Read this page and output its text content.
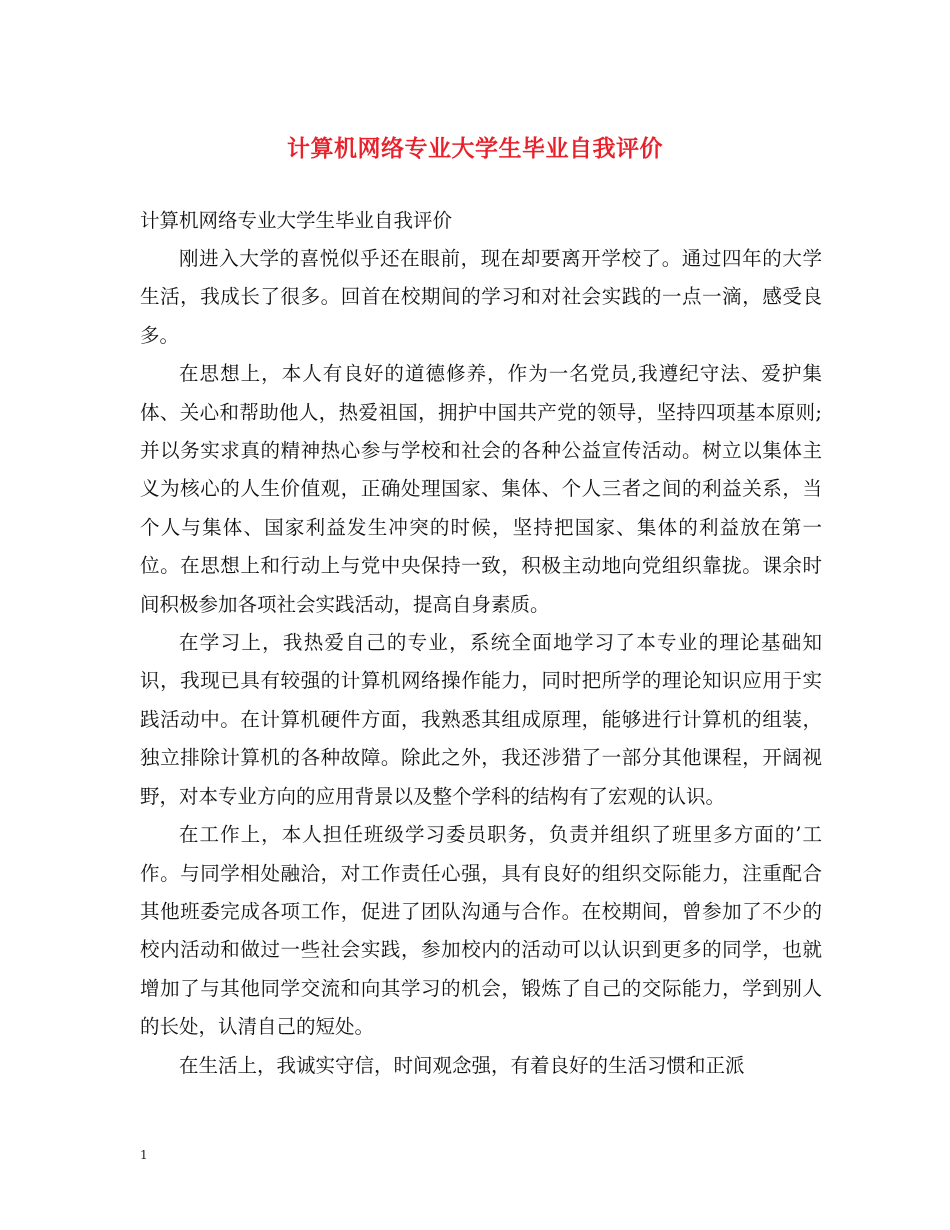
计算机网络专业大学生毕业自我评价

计算机网络专业大学生毕业自我评价

刚进入大学的喜悦似乎还在眼前，现在却要离开学校了。通过四年的大学生活，我成长了很多。回首在校期间的学习和对社会实践的一点一滴，感受良多。

在思想上，本人有良好的道德修养，作为一名党员,我遵纪守法、爱护集体、关心和帮助他人，热爱祖国，拥护中国共产党的领导，坚持四项基本原则;并以务实求真的精神热心参与学校和社会的各种公益宣传活动。树立以集体主义为核心的人生价值观，正确处理国家、集体、个人三者之间的利益关系，当个人与集体、国家利益发生冲突的时候，坚持把国家、集体的利益放在第一位。在思想上和行动上与党中央保持一致，积极主动地向党组织靠拢。课余时间积极参加各项社会实践活动，提高自身素质。

在学习上，我热爱自己的专业，系统全面地学习了本专业的理论基础知识，我现已具有较强的计算机网络操作能力，同时把所学的理论知识应用于实践活动中。在计算机硬件方面，我熟悉其组成原理，能够进行计算机的组装，独立排除计算机的各种故障。除此之外，我还涉猎了一部分其他课程，开阔视野，对本专业方向的应用背景以及整个学科的结构有了宏观的认识。

在工作上，本人担任班级学习委员职务，负责并组织了班里多方面的’工作。与同学相处融洽，对工作责任心强，具有良好的组织交际能力，注重配合其他班委完成各项工作，促进了团队沟通与合作。在校期间，曾参加了不少的校内活动和做过一些社会实践，参加校内的活动可以认识到更多的同学，也就增加了与其他同学交流和向其学习的机会，锻炼了自己的交际能力，学到别人的长处，认清自己的短处。

在生活上，我诚实守信，时间观念强，有着良好的生活习惯和正派

1
